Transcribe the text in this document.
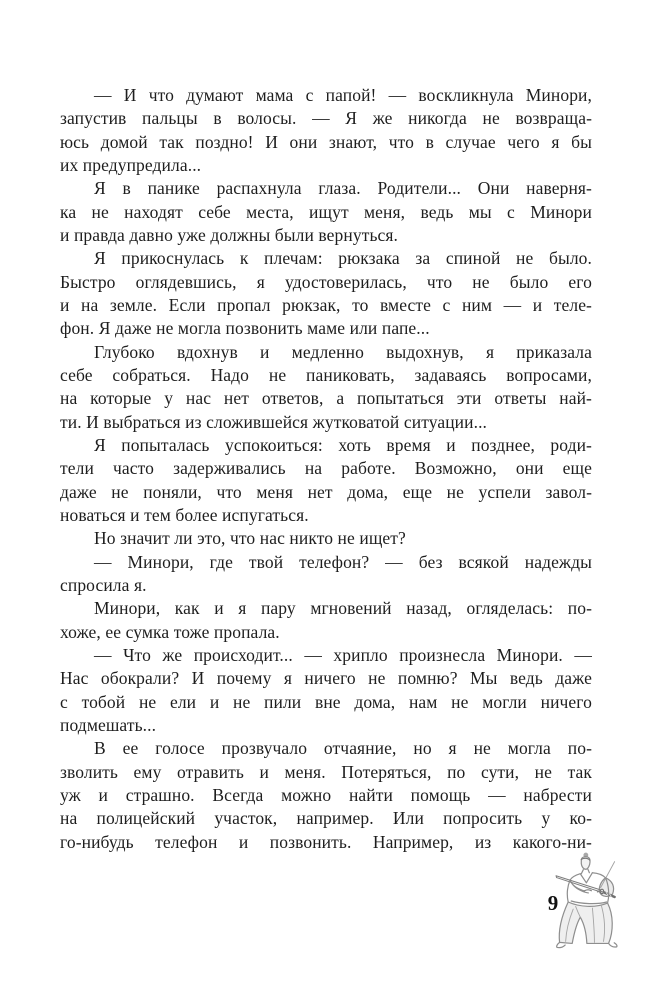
— И что думают мама с папой! — воскликнула Минори,
запустив пальцы в волосы. — Я же никогда не возвраща-
юсь домой так поздно! И они знают, что в случае чего я бы
их предупредила...
Я в панике распахнула глаза. Родители... Они наверня-
ка не находят себе места, ищут меня, ведь мы с Минори
и правда давно уже должны были вернуться.
Я прикоснулась к плечам: рюкзака за спиной не было.
Быстро оглядевшись, я удостоверилась, что не было его
и на земле. Если пропал рюкзак, то вместе с ним — и теле-
фон. Я даже не могла позвонить маме или папе...
Глубоко вдохнув и медленно выдохнув, я приказала
себе собраться. Надо не паниковать, задаваясь вопросами,
на которые у нас нет ответов, а попытаться эти ответы най-
ти. И выбраться из сложившейся жутковатой ситуации...
Я попыталась успокоиться: хоть время и позднее, роди-
тели часто задерживались на работе. Возможно, они еще
даже не поняли, что меня нет дома, еще не успели завол-
новаться и тем более испугаться.
Но значит ли это, что нас никто не ищет?
— Минори, где твой телефон? — без всякой надежды
спросила я.
Минори, как и я пару мгновений назад, огляделась: по-
хоже, ее сумка тоже пропала.
— Что же происходит... — хрипло произнесла Минори. —
Нас обокрали? И почему я ничего не помню? Мы ведь даже
с тобой не ели и не пили вне дома, нам не могли ничего
подмешать...
В ее голосе прозвучало отчаяние, но я не могла по-
зволить ему отравить и меня. Потеряться, по сути, не так
уж и страшно. Всегда можно найти помощь — набрести
на полицейский участок, например. Или попросить у ко-
го-нибудь телефон и позвонить. Например, из какого-ни-
9
